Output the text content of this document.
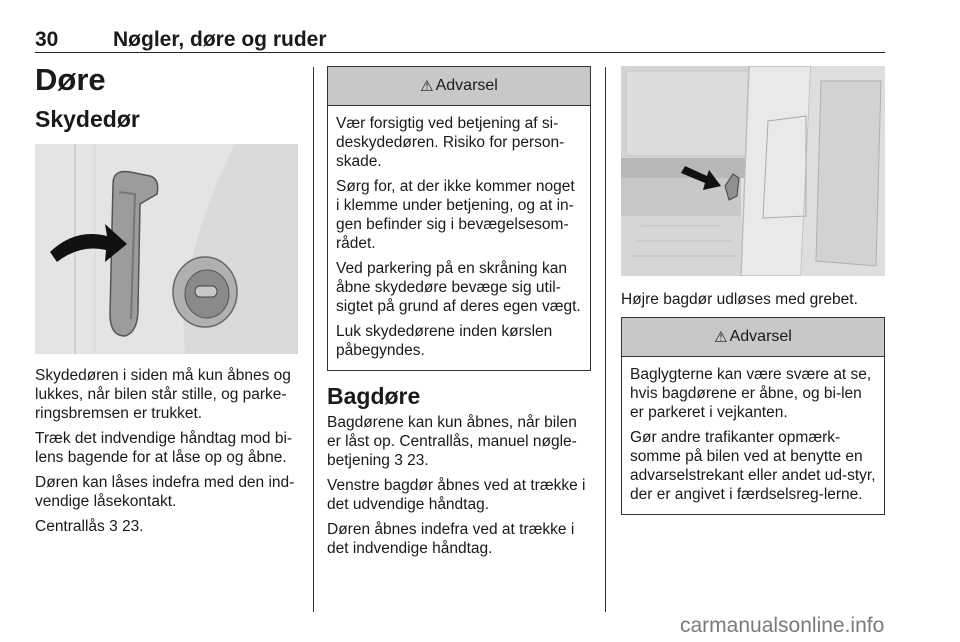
30	Nøgler, døre og ruder
Døre
Skydedør

Skydedøren i siden må kun åbnes og lukkes, når bilen står stille, og parke-ringsbremsen er trukket.

Træk det indvendige håndtag mod bi-lens bagende for at låse op og åbne.

Døren kan låses indefra med den ind-vendige låsekontakt.

Centrallås 3 23.

⚠ Advarsel

Vær forsigtig ved betjening af si-deskydedøren. Risiko for person-skade.

Sørg for, at der ikke kommer noget i klemme under betjening, og at in-gen befinder sig i bevægelsesom-rådet.

Ved parkering på en skråning kan åbne skydedøre bevæge sig util-sigtet på grund af deres egen vægt.

Luk skydedørene inden kørslen påbegyndes.

Bagdøre

Bagdørene kan kun åbnes, når bilen er låst op. Centrallås, manuel nøgle-betjening 3 23.

Venstre bagdør åbnes ved at trække i det udvendige håndtag.

Døren åbnes indefra ved at trække i det indvendige håndtag.

Højre bagdør udløses med grebet.

⚠ Advarsel

Baglygterne kan være svære at se, hvis bagdørene er åbne, og bi-len er parkeret i vejkanten.

Gør andre trafikanter opmærk-somme på bilen ved at benytte en advarselstrekant eller andet ud-styr, der er angivet i færdselsreg-lerne.

carmanualsonline.info
